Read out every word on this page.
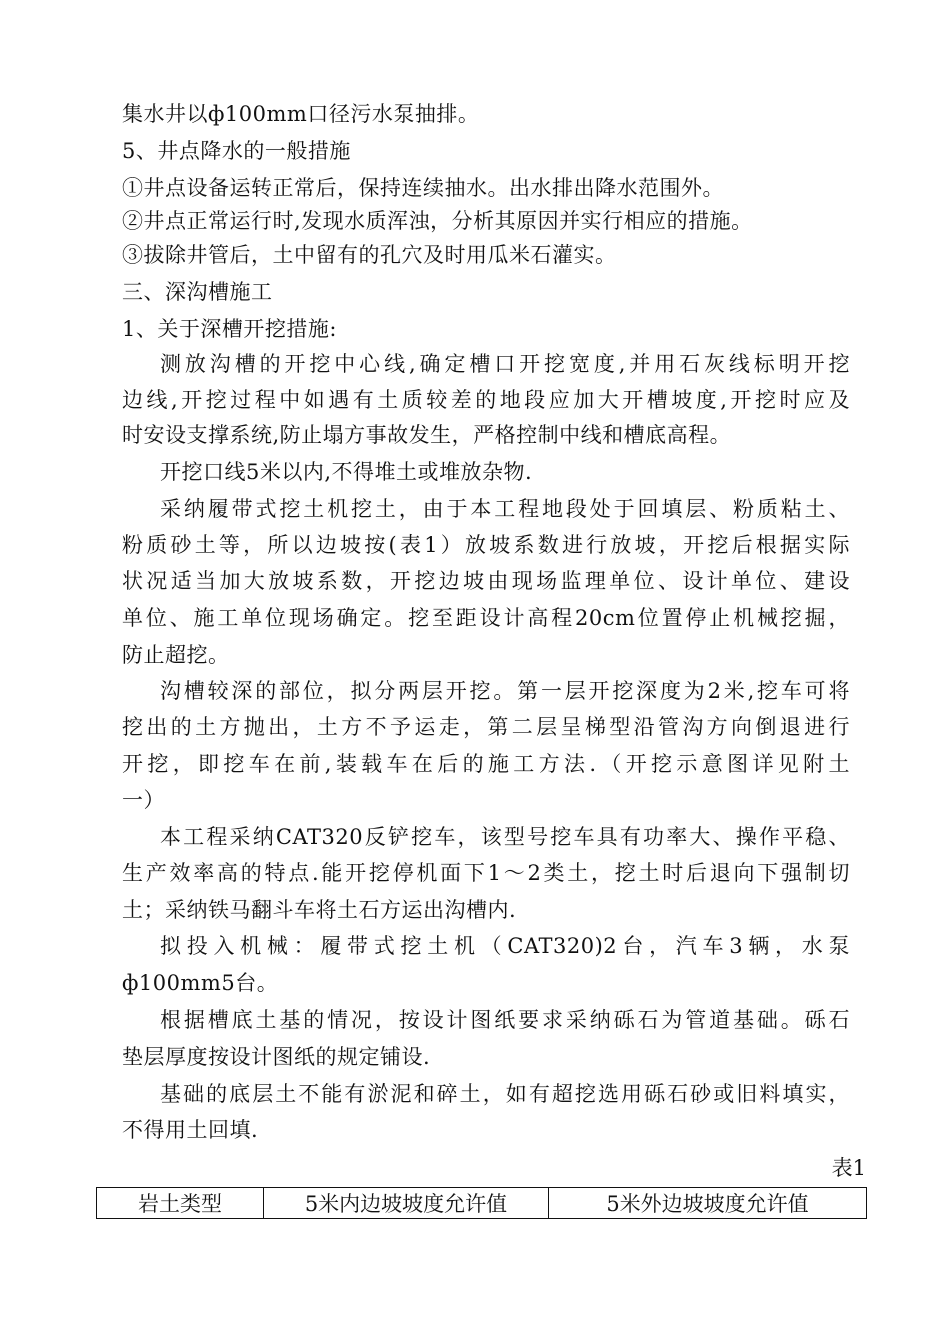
集水井以ф100mm口径污水泵抽排。
5、井点降水的一般措施
①井点设备运转正常后，保持连续抽水。出水排出降水范围外。
②井点正常运行时,发现水质浑浊，分析其原因并实行相应的措施。
③拔除井管后，土中留有的孔穴及时用瓜米石灌实。
三、深沟槽施工
1、关于深槽开挖措施:
测放沟槽的开挖中心线,确定槽口开挖宽度,并用石灰线标明开挖
边线,开挖过程中如遇有土质较差的地段应加大开槽坡度,开挖时应及
时安设支撑系统,防止塌方事故发生，严格控制中线和槽底高程。
开挖口线5米以内,不得堆土或堆放杂物.
采纳履带式挖土机挖土，由于本工程地段处于回填层、粉质粘土、
粉质砂土等，所以边坡按(表1）放坡系数进行放坡，开挖后根据实际
状况适当加大放坡系数，开挖边坡由现场监理单位、设计单位、建设
单位、施工单位现场确定。挖至距设计高程20cm位置停止机械挖掘，
防止超挖。
沟槽较深的部位，拟分两层开挖。第一层开挖深度为2米,挖车可将
挖出的土方抛出，土方不予运走，第二层呈梯型沿管沟方向倒退进行
开挖，即挖车在前,装载车在后的施工方法.（开挖示意图详见附土
一）
本工程采纳CAT320反铲挖车，该型号挖车具有功率大、操作平稳、
生产效率高的特点.能开挖停机面下1～2类土，挖土时后退向下强制切
土；采纳铁马翻斗车将土石方运出沟槽内.
拟投入机械：履带式挖土机（CAT320)2台，汽车3辆，水泵
ф100mm5台。
根据槽底土基的情况，按设计图纸要求采纳砾石为管道基础。砾石
垫层厚度按设计图纸的规定铺设.
基础的底层土不能有淤泥和碎土，如有超挖选用砾石砂或旧料填实，
不得用土回填.
表1
岩土类型	5米内边坡坡度允许值	5米外边坡坡度允许值
